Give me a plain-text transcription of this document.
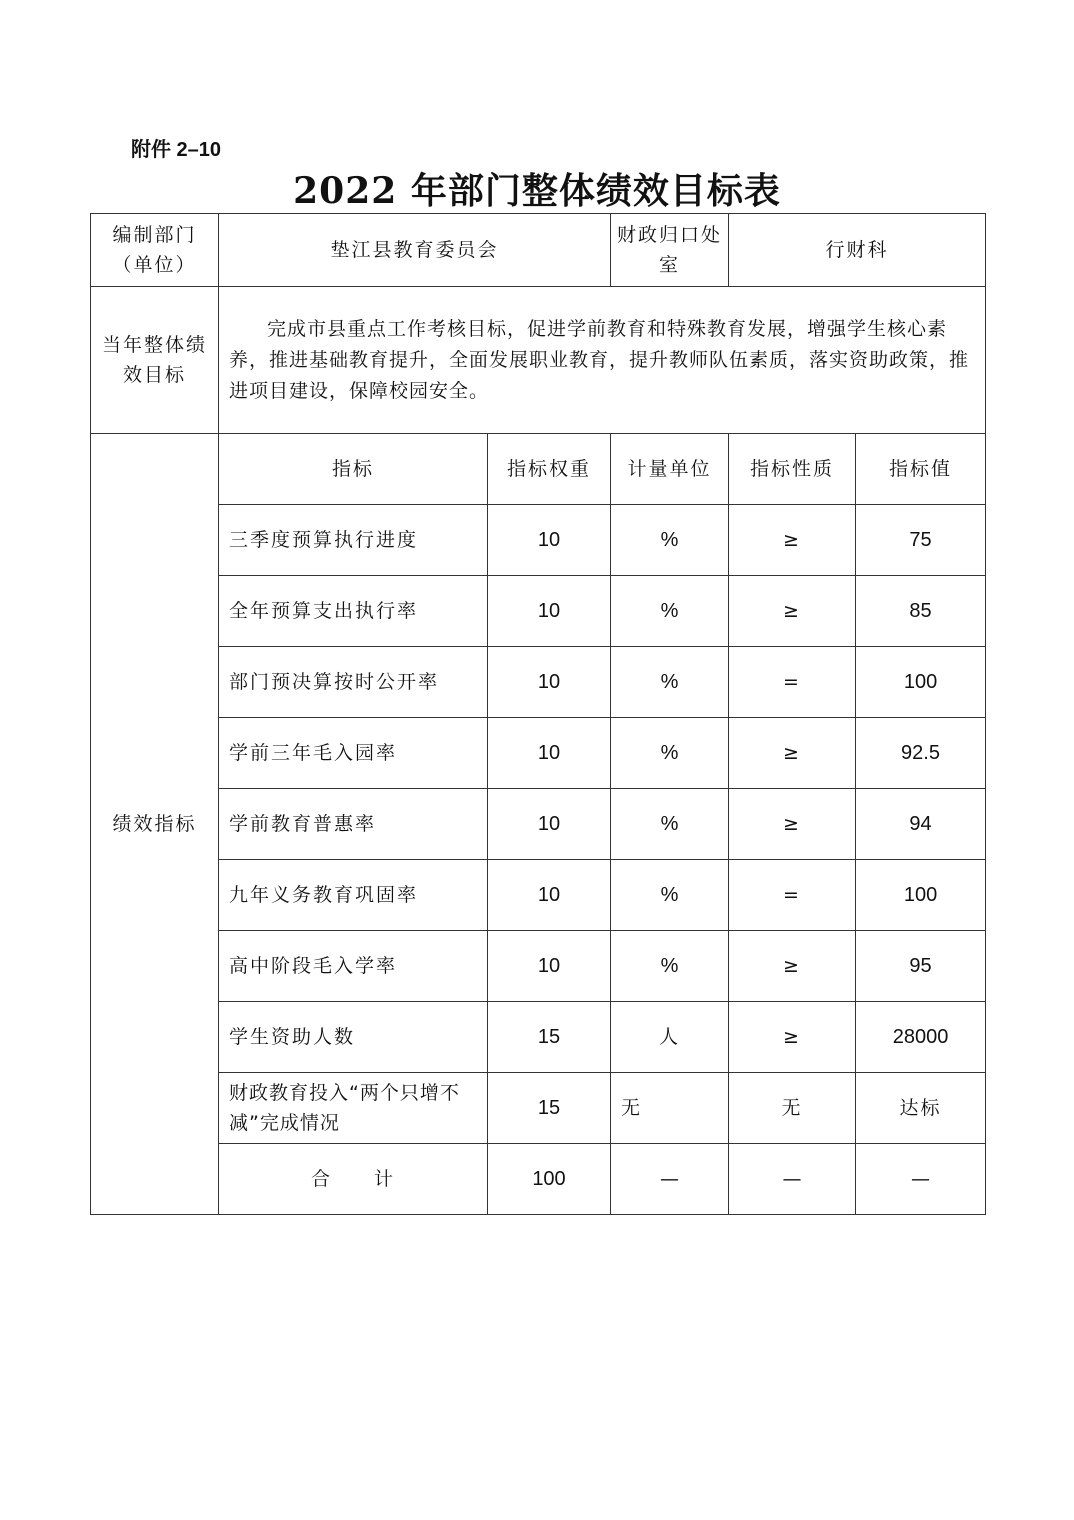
附件 2–10
2022 年部门整体绩效目标表
编制部门（单位）	垫江县教育委员会		财政归口处室	行财科	
当年整体绩效目标	完成市县重点工作考核目标，促进学前教育和特殊教育发展，增强学生核心素养，推进基础教育提升，全面发展职业教育，提升教师队伍素质，落实资助政策，推进项目建设，保障校园安全。				
绩效指标	指标	指标权重	计量单位	指标性质	指标值
	三季度预算执行进度	10	%	≥	75
	全年预算支出执行率	10	%	≥	85
	部门预决算按时公开率	10	%	=	100
	学前三年毛入园率	10	%	≥	92.5
	学前教育普惠率	10	%	≥	94
	九年义务教育巩固率	10	%	=	100
	高中阶段毛入学率	10	%	≥	95
	学生资助人数	15	人	≥	28000
	财政教育投入“两个只增不减”完成情况	15	无	无	达标
	合　　计	100	—	—	—
